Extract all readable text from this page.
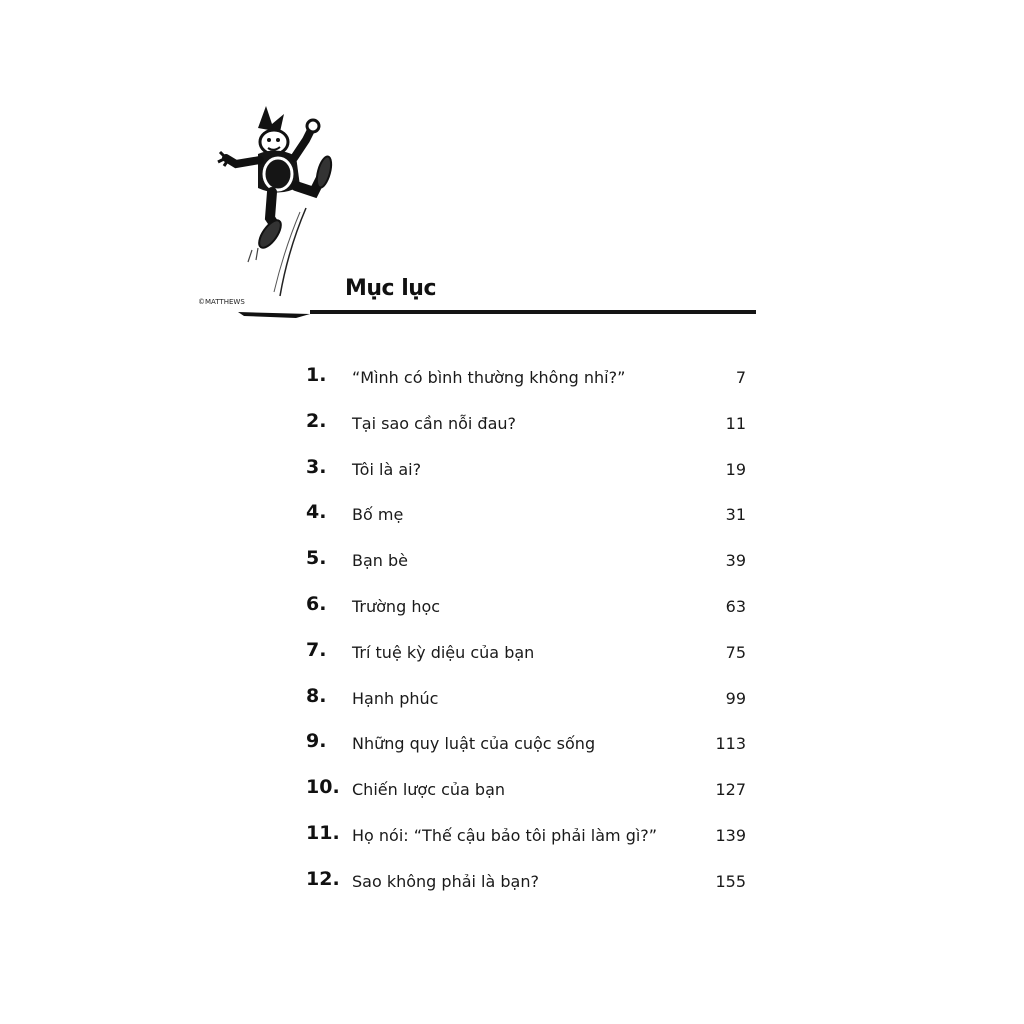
©MATTHEWS
Mục lục
1.	“Mình có bình thường không nhỉ?”	7
2.	Tại sao cần nỗi đau?	11
3.	Tôi là ai?	19
4.	Bố mẹ	31
5.	Bạn bè	39
6.	Trường học	63
7.	Trí tuệ kỳ diệu của bạn	75
8.	Hạnh phúc	99
9.	Những quy luật của cuộc sống	113
10. Chiến lược của bạn	127
11. Họ nói: “Thế cậu bảo tôi phải làm gì?”	139
12. Sao không phải là bạn?	155
